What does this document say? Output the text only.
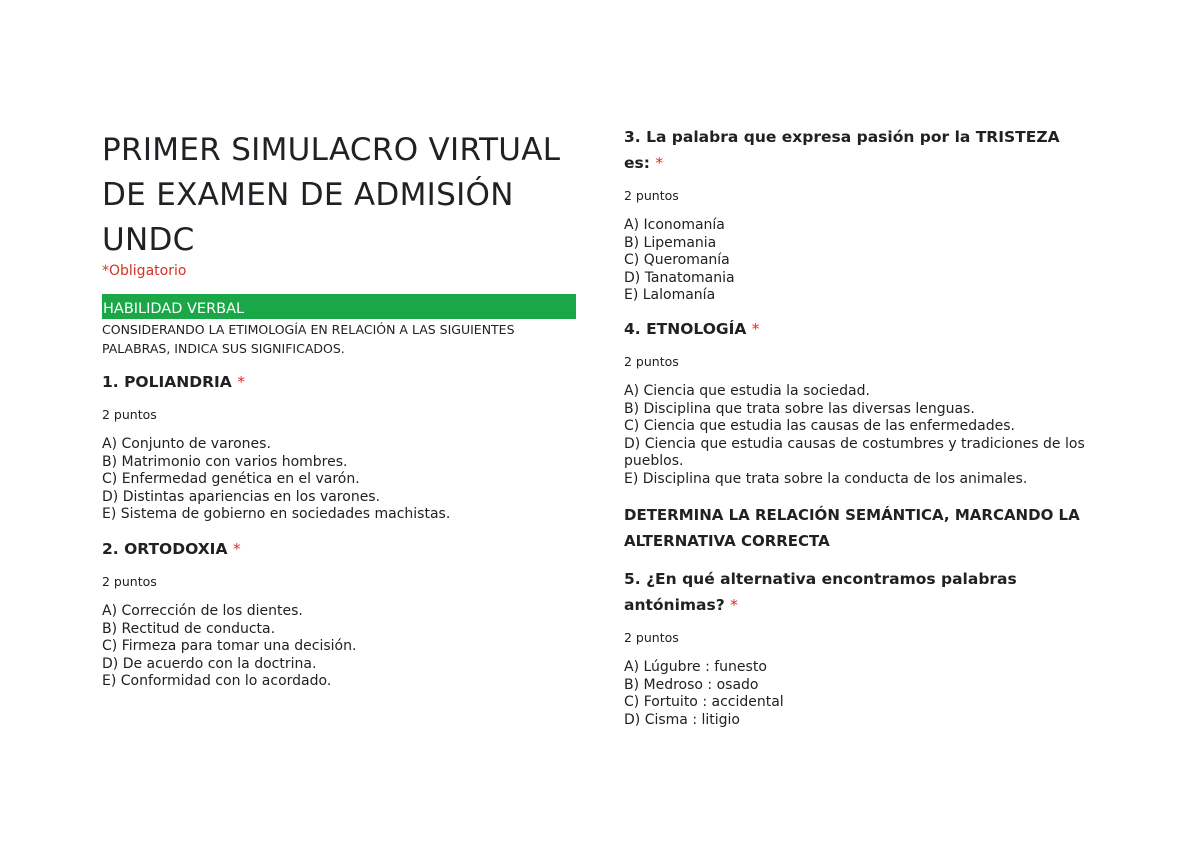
PRIMER SIMULACRO VIRTUAL DE EXAMEN DE ADMISIÓN UNDC
*Obligatorio
HABILIDAD VERBAL
CONSIDERANDO LA ETIMOLOGÍA EN RELACIÓN A LAS SIGUIENTES PALABRAS, INDICA SUS SIGNIFICADOS.
1. POLIANDRIA *
2 puntos
A) Conjunto de varones.
B) Matrimonio con varios hombres.
C) Enfermedad genética en el varón.
D) Distintas apariencias en los varones.
E) Sistema de gobierno en sociedades machistas.
2. ORTODOXIA *
2 puntos
A) Corrección de los dientes.
B) Rectitud de conducta.
C) Firmeza para tomar una decisión.
D) De acuerdo con la doctrina.
E) Conformidad con lo acordado.
3. La palabra que expresa pasión por la TRISTEZA es: *
2 puntos
A) Iconomanía
B) Lipemania
C) Queromanía
D) Tanatomania
E) Lalomanía
4. ETNOLOGÍA *
2 puntos
A) Ciencia que estudia la sociedad.
B) Disciplina que trata sobre las diversas lenguas.
C) Ciencia que estudia las causas de las enfermedades.
D) Ciencia que estudia causas de costumbres y tradiciones de los pueblos.
E) Disciplina que trata sobre la conducta de los animales.
DETERMINA LA RELACIÓN SEMÁNTICA, MARCANDO LA ALTERNATIVA CORRECTA
5. ¿En qué alternativa encontramos palabras antónimas? *
2 puntos
A) Lúgubre : funesto
B) Medroso : osado
C) Fortuito : accidental
D) Cisma : litigio
